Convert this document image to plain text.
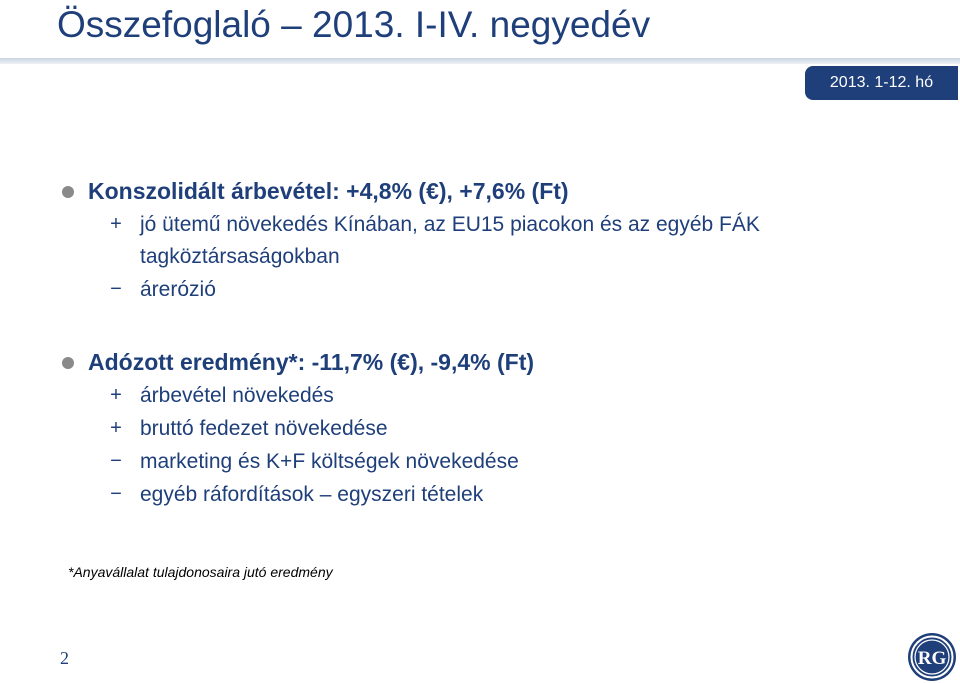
Összefoglaló – 2013. I-IV. negyedév
2013. 1-12. hó
Konszolidált árbevétel: +4,8% (€), +7,6% (Ft)
+ jó ütemű növekedés Kínában, az EU15 piacokon és az egyéb FÁK tagköztársaságokban
− árerózió
Adózott eredmény*: -11,7% (€), -9,4% (Ft)
+ árbevétel növekedés
+ bruttó fedezet növekedése
− marketing és K+F költségek növekedése
− egyéb ráfordítások – egyszeri tételek
*Anyavállalat tulajdonosaira jutó eredmény
2	RG
